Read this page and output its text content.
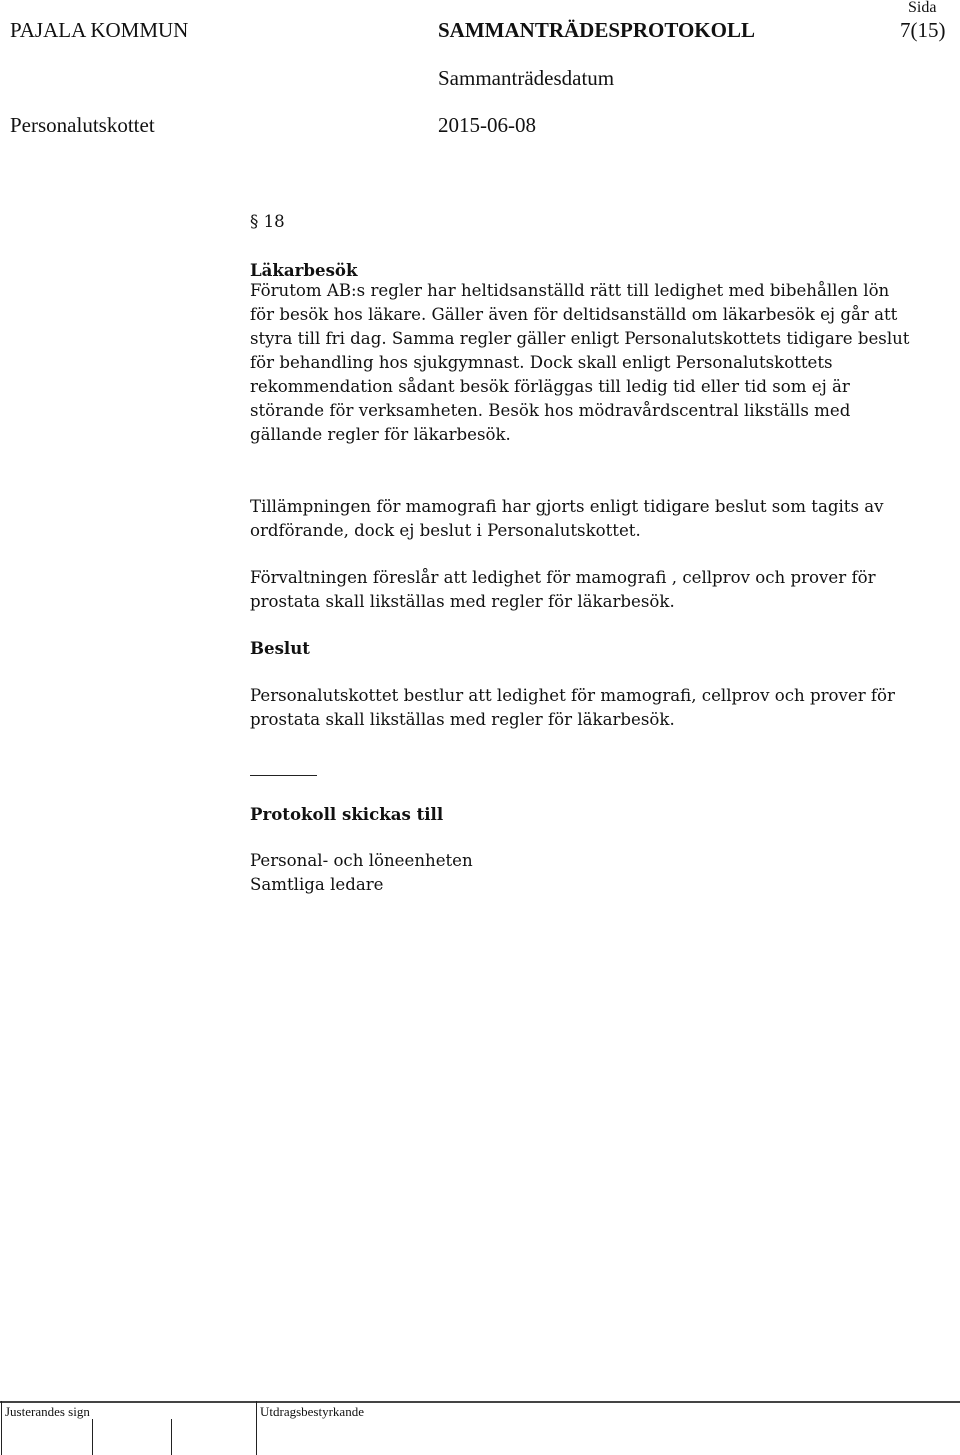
PAJALA KOMMUN	SAMMANTRÄDESPROTOKOLL
Sida
7(15)
Sammanträdesdatum
Personalutskottet	2015-06-08
§ 18
Läkarbesök
Förutom AB:s regler har heltidsanställd rätt till ledighet med bibehållen lön
för besök hos läkare. Gäller även för deltidsanställd om läkarbesök ej går att
styra till fri dag. Samma regler gäller enligt Personalutskottets tidigare beslut
för behandling hos sjukgymnast. Dock skall enligt Personalutskottets
rekommendation sådant besök förläggas till ledig tid eller tid som ej är
störande för verksamheten. Besök hos mödravårdscentral likställs med
gällande regler för läkarbesök.
Tillämpningen för mamografi har gjorts enligt tidigare beslut som tagits av
ordförande, dock ej beslut i Personalutskottet.
Förvaltningen föreslår att ledighet för mamografi , cellprov och prover för
prostata skall likställas med regler för läkarbesök.
Beslut
Personalutskottet bestlur att ledighet för mamografi, cellprov och prover för
prostata skall likställas med regler för läkarbesök.
Protokoll skickas till
Personal- och löneenheten
Samtliga ledare
Justerandes sign	Utdragsbestyrkande
